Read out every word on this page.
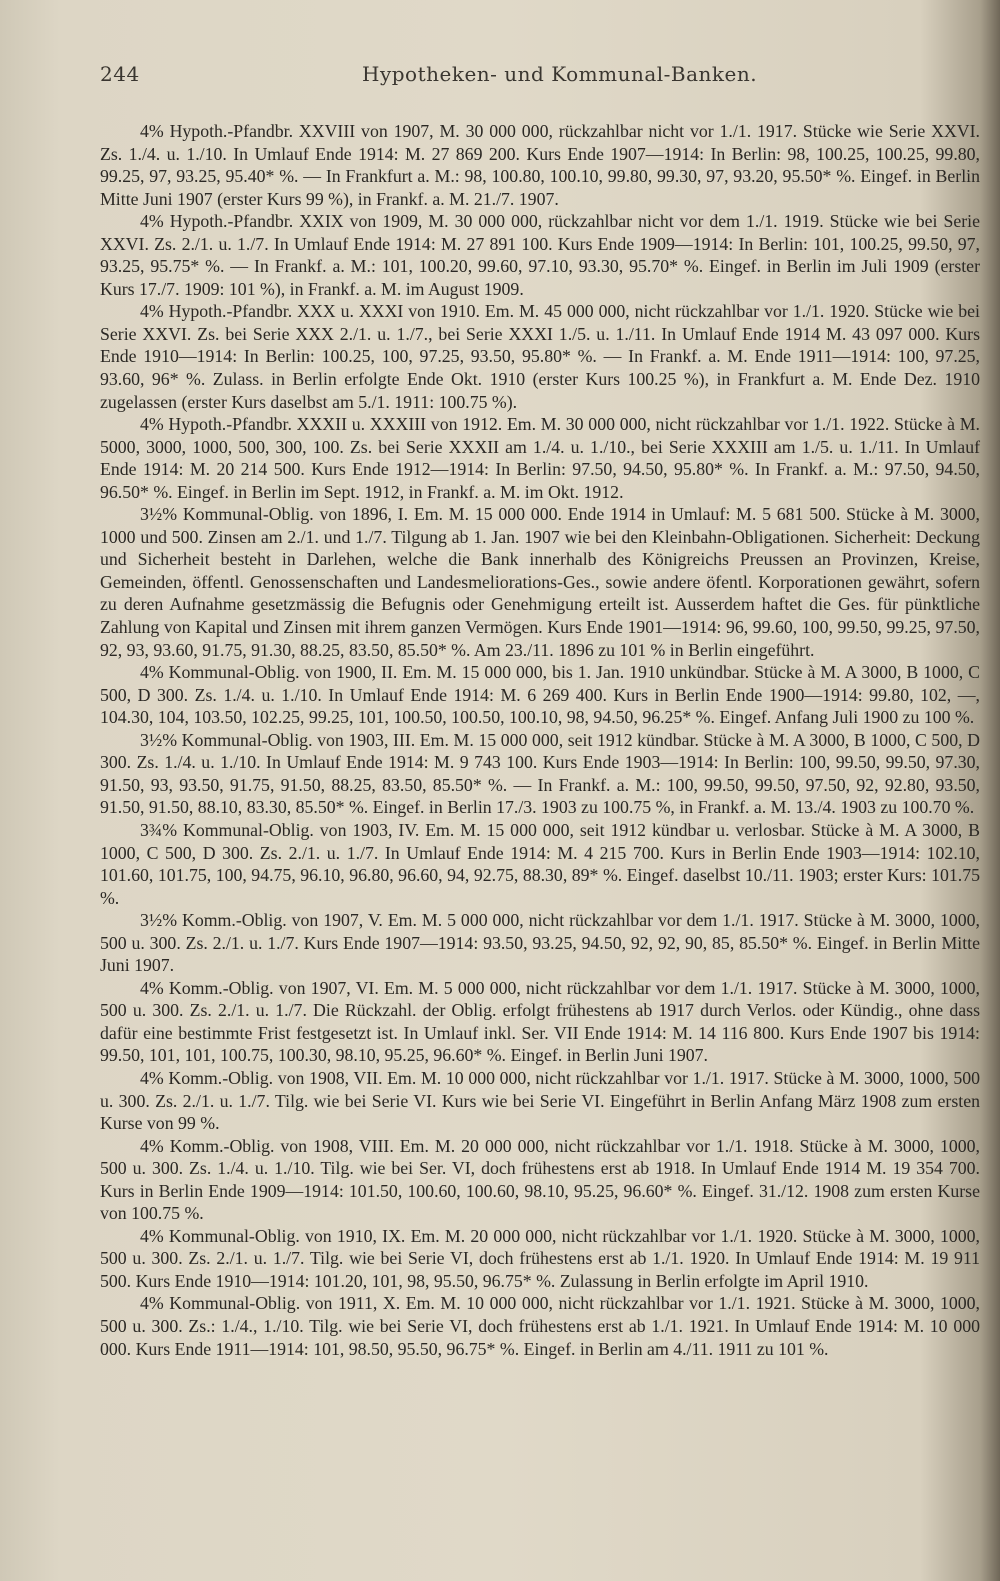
244	Hypotheken- und Kommunal-Banken.

4% Hypoth.-Pfandbr. XXVIII von 1907, M. 30 000 000, rückzahlbar nicht vor 1./1. 1917. Stücke wie Serie XXVI. Zs. 1./4. u. 1./10. In Umlauf Ende 1914: M. 27 869 200. Kurs Ende 1907—1914: In Berlin: 98, 100.25, 100.25, 99.80, 99.25, 97, 93.25, 95.40* %. — In Frankfurt a. M.: 98, 100.80, 100.10, 99.80, 99.30, 97, 93.20, 95.50* %. Eingef. in Berlin Mitte Juni 1907 (erster Kurs 99 %), in Frankf. a. M. 21./7. 1907.

4% Hypoth.-Pfandbr. XXIX von 1909, M. 30 000 000, rückzahlbar nicht vor dem 1./1. 1919. Stücke wie bei Serie XXVI. Zs. 2./1. u. 1./7. In Umlauf Ende 1914: M. 27 891 100. Kurs Ende 1909—1914: In Berlin: 101, 100.25, 99.50, 97, 93.25, 95.75* %. — In Frankf. a. M.: 101, 100.20, 99.60, 97.10, 93.30, 95.70* %. Eingef. in Berlin im Juli 1909 (erster Kurs 17./7. 1909: 101 %), in Frankf. a. M. im August 1909.

4% Hypoth.-Pfandbr. XXX u. XXXI von 1910. Em. M. 45 000 000, nicht rückzahlbar vor 1./1. 1920. Stücke wie bei Serie XXVI. Zs. bei Serie XXX 2./1. u. 1./7., bei Serie XXXI 1./5. u. 1./11. In Umlauf Ende 1914 M. 43 097 000. Kurs Ende 1910—1914: In Berlin: 100.25, 100, 97.25, 93.50, 95.80* %. — In Frankf. a. M. Ende 1911—1914: 100, 97.25, 93.60, 96* %. Zulass. in Berlin erfolgte Ende Okt. 1910 (erster Kurs 100.25 %), in Frankfurt a. M. Ende Dez. 1910 zugelassen (erster Kurs daselbst am 5./1. 1911: 100.75 %).

4% Hypoth.-Pfandbr. XXXII u. XXXIII von 1912. Em. M. 30 000 000, nicht rückzahlbar vor 1./1. 1922. Stücke à M. 5000, 3000, 1000, 500, 300, 100. Zs. bei Serie XXXII am 1./4. u. 1./10., bei Serie XXXIII am 1./5. u. 1./11. In Umlauf Ende 1914: M. 20 214 500. Kurs Ende 1912—1914: In Berlin: 97.50, 94.50, 95.80* %. In Frankf. a. M.: 97.50, 94.50, 96.50* %. Eingef. in Berlin im Sept. 1912, in Frankf. a. M. im Okt. 1912.

3½% Kommunal-Oblig. von 1896, I. Em. M. 15 000 000. Ende 1914 in Umlauf: M. 5 681 500. Stücke à M. 3000, 1000 und 500. Zinsen am 2./1. und 1./7. Tilgung ab 1. Jan. 1907 wie bei den Kleinbahn-Obligationen. Sicherheit: Deckung und Sicherheit besteht in Darlehen, welche die Bank innerhalb des Königreichs Preussen an Provinzen, Kreise, Gemeinden, öffentl. Genossenschaften und Landesmeliorations-Ges., sowie andere öfentl. Korporationen gewährt, sofern zu deren Aufnahme gesetzmässig die Befugnis oder Genehmigung erteilt ist. Ausserdem haftet die Ges. für pünktliche Zahlung von Kapital und Zinsen mit ihrem ganzen Vermögen. Kurs Ende 1901—1914: 96, 99.60, 100, 99.50, 99.25, 97.50, 92, 93, 93.60, 91.75, 91.30, 88.25, 83.50, 85.50* %. Am 23./11. 1896 zu 101 % in Berlin eingeführt.

4% Kommunal-Oblig. von 1900, II. Em. M. 15 000 000, bis 1. Jan. 1910 unkündbar. Stücke à M. A 3000, B 1000, C 500, D 300. Zs. 1./4. u. 1./10. In Umlauf Ende 1914: M. 6 269 400. Kurs in Berlin Ende 1900—1914: 99.80, 102, —, 104.30, 104, 103.50, 102.25, 99.25, 101, 100.50, 100.50, 100.10, 98, 94.50, 96.25* %. Eingef. Anfang Juli 1900 zu 100 %.

3½% Kommunal-Oblig. von 1903, III. Em. M. 15 000 000, seit 1912 kündbar. Stücke à M. A 3000, B 1000, C 500, D 300. Zs. 1./4. u. 1./10. In Umlauf Ende 1914: M. 9 743 100. Kurs Ende 1903—1914: In Berlin: 100, 99.50, 99.50, 97.30, 91.50, 93, 93.50, 91.75, 91.50, 88.25, 83.50, 85.50* %. — In Frankf. a. M.: 100, 99.50, 99.50, 97.50, 92, 92.80, 93.50, 91.50, 91.50, 88.10, 83.30, 85.50* %. Eingef. in Berlin 17./3. 1903 zu 100.75 %, in Frankf. a. M. 13./4. 1903 zu 100.70 %.

3¾% Kommunal-Oblig. von 1903, IV. Em. M. 15 000 000, seit 1912 kündbar u. verlosbar. Stücke à M. A 3000, B 1000, C 500, D 300. Zs. 2./1. u. 1./7. In Umlauf Ende 1914: M. 4 215 700. Kurs in Berlin Ende 1903—1914: 102.10, 101.60, 101.75, 100, 94.75, 96.10, 96.80, 96.60, 94, 92.75, 88.30, 89* %. Eingef. daselbst 10./11. 1903; erster Kurs: 101.75 %.

3½% Komm.-Oblig. von 1907, V. Em. M. 5 000 000, nicht rückzahlbar vor dem 1./1. 1917. Stücke à M. 3000, 1000, 500 u. 300. Zs. 2./1. u. 1./7. Kurs Ende 1907—1914: 93.50, 93.25, 94.50, 92, 92, 90, 85, 85.50* %. Eingef. in Berlin Mitte Juni 1907.

4% Komm.-Oblig. von 1907, VI. Em. M. 5 000 000, nicht rückzahlbar vor dem 1./1. 1917. Stücke à M. 3000, 1000, 500 u. 300. Zs. 2./1. u. 1./7. Die Rückzahl. der Oblig. erfolgt frühestens ab 1917 durch Verlos. oder Kündig., ohne dass dafür eine bestimmte Frist festgesetzt ist. In Umlauf inkl. Ser. VII Ende 1914: M. 14 116 800. Kurs Ende 1907 bis 1914: 99.50, 101, 101, 100.75, 100.30, 98.10, 95.25, 96.60* %. Eingef. in Berlin Juni 1907.

4% Komm.-Oblig. von 1908, VII. Em. M. 10 000 000, nicht rückzahlbar vor 1./1. 1917. Stücke à M. 3000, 1000, 500 u. 300. Zs. 2./1. u. 1./7. Tilg. wie bei Serie VI. Kurs wie bei Serie VI. Eingeführt in Berlin Anfang März 1908 zum ersten Kurse von 99 %.

4% Komm.-Oblig. von 1908, VIII. Em. M. 20 000 000, nicht rückzahlbar vor 1./1. 1918. Stücke à M. 3000, 1000, 500 u. 300. Zs. 1./4. u. 1./10. Tilg. wie bei Ser. VI, doch frühestens erst ab 1918. In Umlauf Ende 1914 M. 19 354 700. Kurs in Berlin Ende 1909—1914: 101.50, 100.60, 100.60, 98.10, 95.25, 96.60* %. Eingef. 31./12. 1908 zum ersten Kurse von 100.75 %.

4% Kommunal-Oblig. von 1910, IX. Em. M. 20 000 000, nicht rückzahlbar vor 1./1. 1920. Stücke à M. 3000, 1000, 500 u. 300. Zs. 2./1. u. 1./7. Tilg. wie bei Serie VI, doch frühestens erst ab 1./1. 1920. In Umlauf Ende 1914: M. 19 911 500. Kurs Ende 1910—1914: 101.20, 101, 98, 95.50, 96.75* %. Zulassung in Berlin erfolgte im April 1910.

4% Kommunal-Oblig. von 1911, X. Em. M. 10 000 000, nicht rückzahlbar vor 1./1. 1921. Stücke à M. 3000, 1000, 500 u. 300. Zs.: 1./4., 1./10. Tilg. wie bei Serie VI, doch frühestens erst ab 1./1. 1921. In Umlauf Ende 1914: M. 10 000 000. Kurs Ende 1911—1914: 101, 98.50, 95.50, 96.75* %. Eingef. in Berlin am 4./11. 1911 zu 101 %.
